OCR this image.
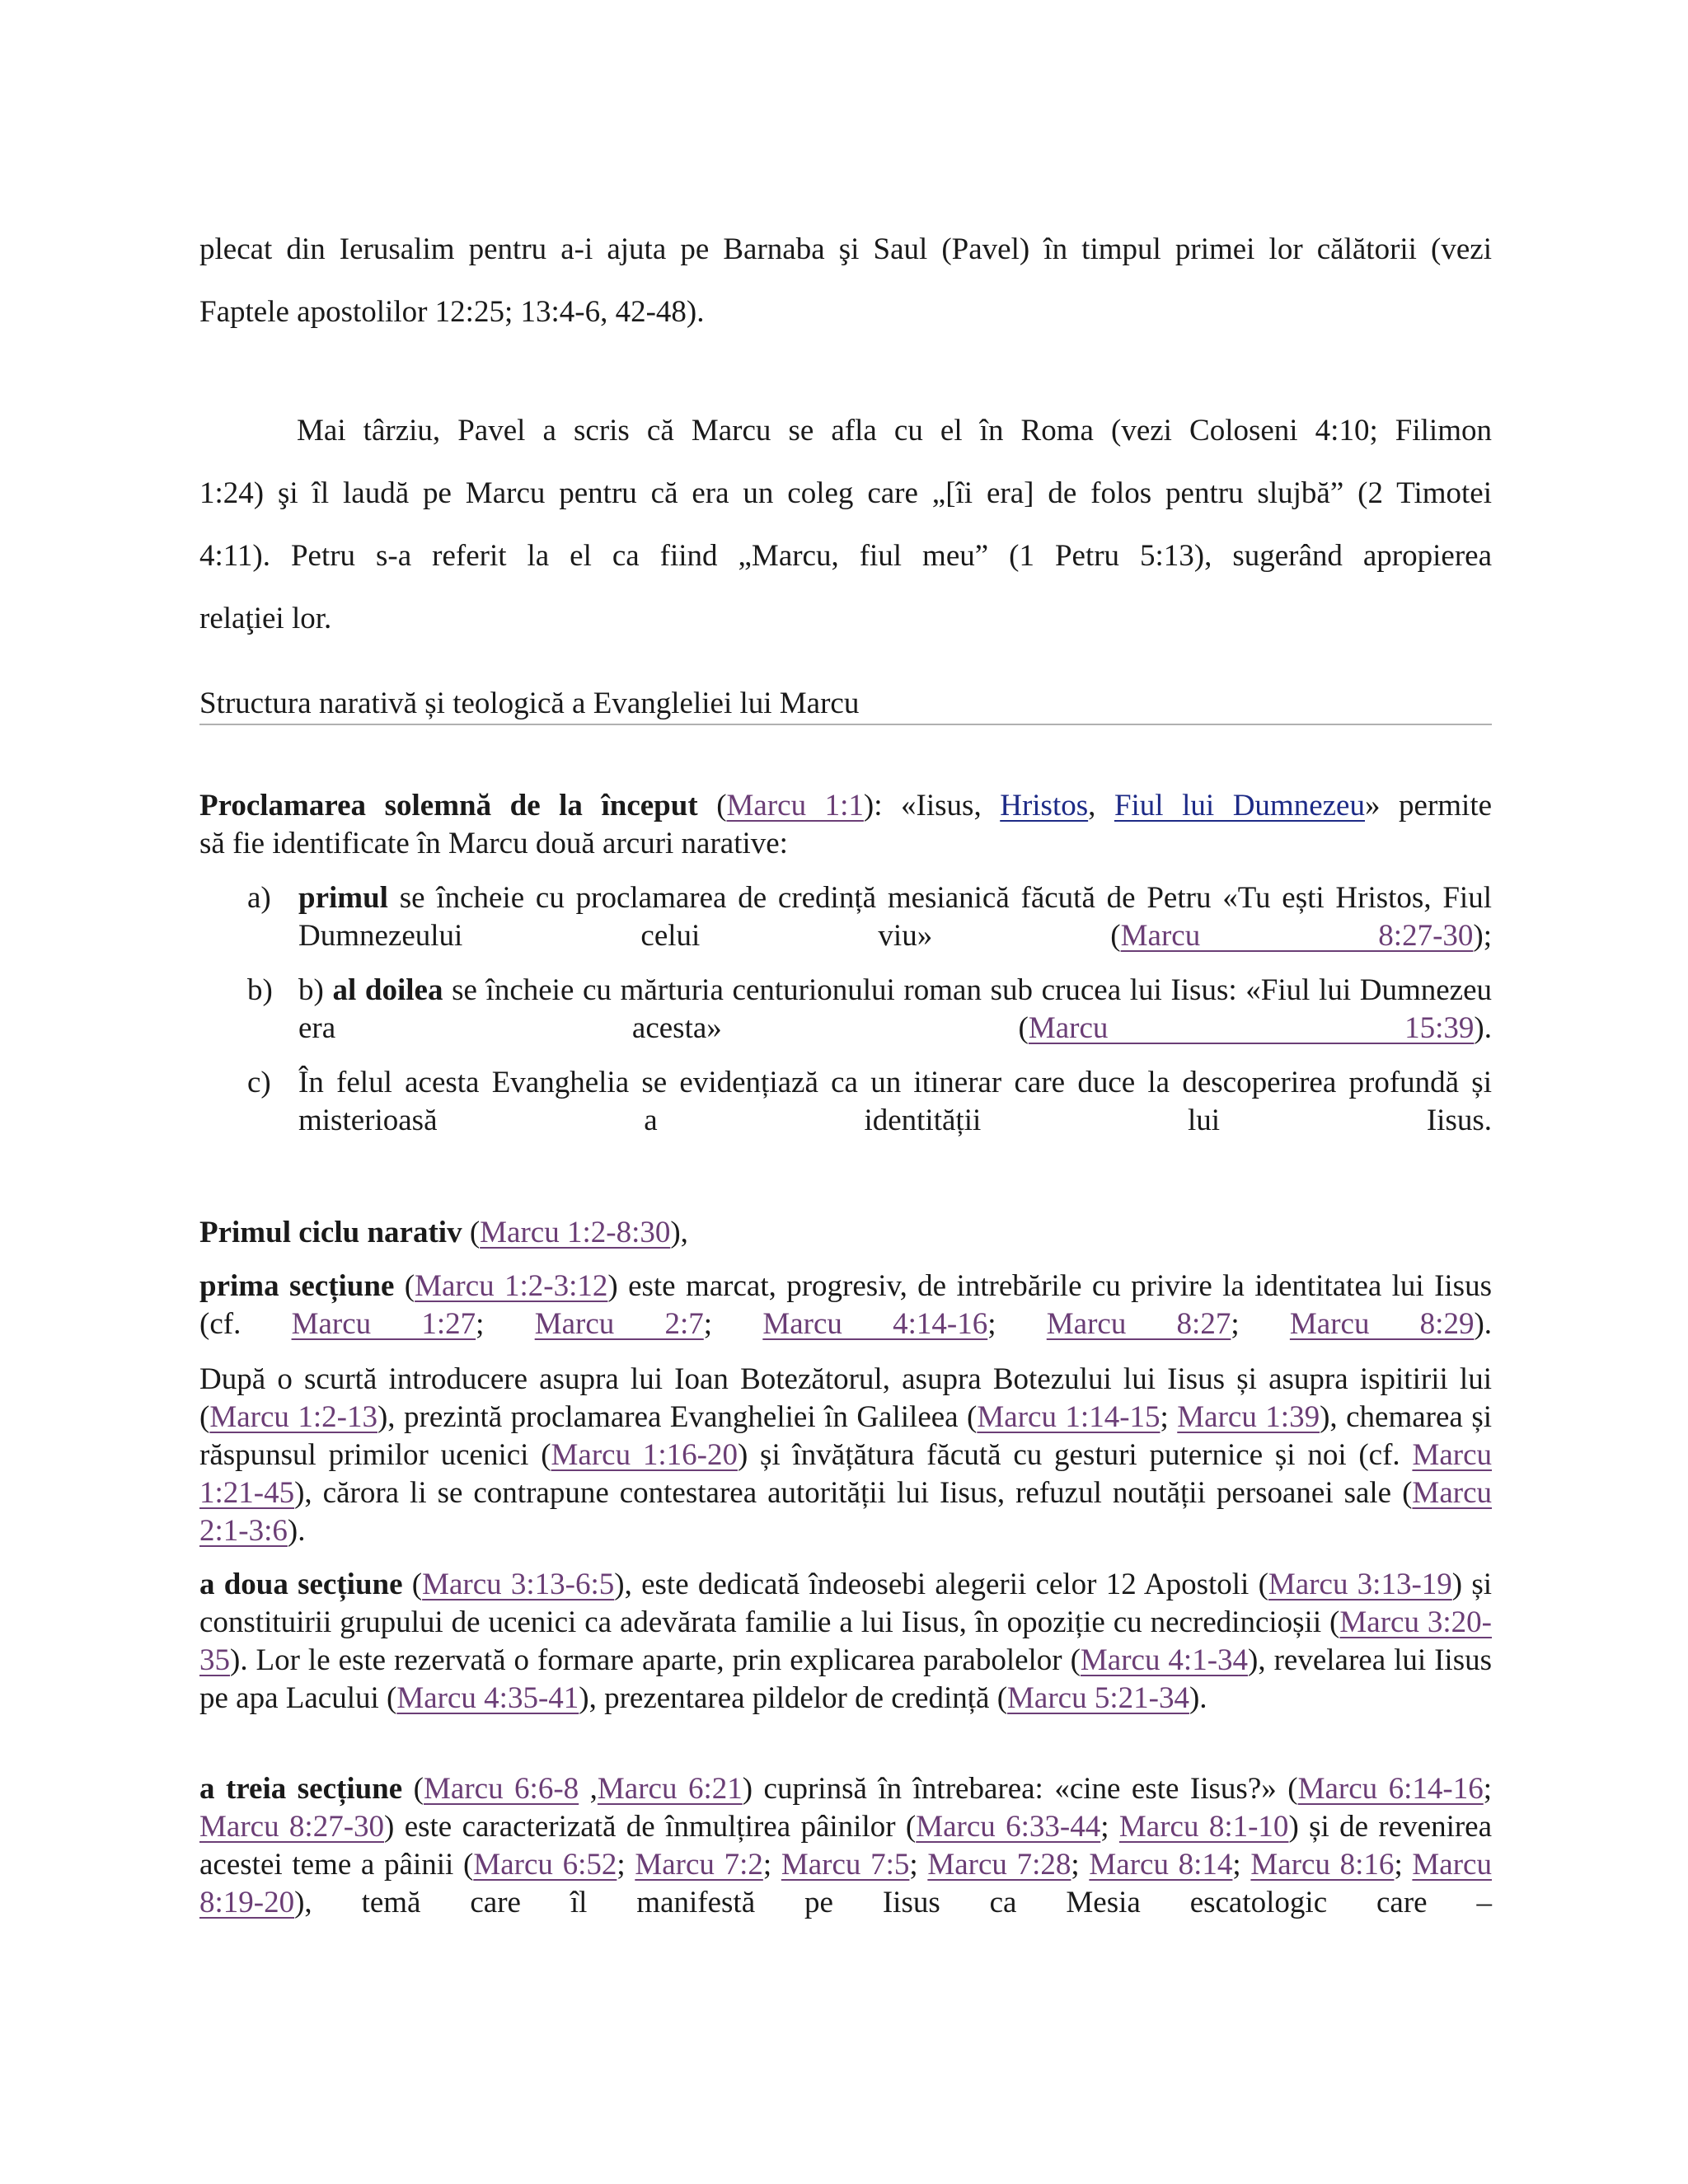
plecat din Ierusalim pentru a-i ajuta pe Barnaba şi Saul (Pavel) în timpul primei lor călătorii (vezi
Faptele apostolilor 12:25; 13:4-6, 42-48).
Mai târziu, Pavel a scris că Marcu se afla cu el în Roma (vezi Coloseni 4:10; Filimon
1:24) şi îl laudă pe Marcu pentru că era un coleg care „[îi era] de folos pentru slujbă” (2 Timotei
4:11). Petru s-a referit la el ca fiind „Marcu, fiul meu” (1 Petru 5:13), sugerând apropierea
relaţiei lor.
Structura narativă și teologică a Evangleliei lui Marcu
Proclamarea solemnă de la început (Marcu 1:1): «Iisus, Hristos, Fiul lui Dumnezeu» permite
să fie identificate în Marcu două arcuri narative:
a) primul se încheie cu proclamarea de credință mesianică făcută de Petru «Tu ești Hristos, Fiul Dumnezeului celui viu» (Marcu 8:27-30);
b) b) al doilea se încheie cu mărturia centurionului roman sub crucea lui Iisus: «Fiul lui Dumnezeu era acesta» (Marcu 15:39).
c) În felul acesta Evanghelia se evidențiază ca un itinerar care duce la descoperirea profundă și misterioasă a identității lui Iisus.
Primul ciclu narativ (Marcu 1:2-8:30),
prima secțiune (Marcu 1:2-3:12) este marcat, progresiv, de intrebările cu privire la identitatea lui Iisus (cf. Marcu 1:27; Marcu 2:7; Marcu 4:14-16; Marcu 8:27; Marcu 8:29).
După o scurtă introducere asupra lui Ioan Botezătorul, asupra Botezului lui Iisus și asupra ispitirii lui (Marcu 1:2-13), prezintă proclamarea Evangheliei în Galileea (Marcu 1:14-15; Marcu 1:39), chemarea și răspunsul primilor ucenici (Marcu 1:16-20) și învățătura făcută cu gesturi puternice și noi (cf. Marcu 1:21-45), cărora li se contrapune contestarea autorității lui Iisus, refuzul noutății persoanei sale (Marcu 2:1-3:6).
a doua secțiune (Marcu 3:13-6:5), este dedicată îndeosebi alegerii celor 12 Apostoli (Marcu 3:13-19) și constituirii grupului de ucenici ca adevărata familie a lui Iisus, în opoziție cu necredincioșii (Marcu 3:20-35). Lor le este rezervată o formare aparte, prin explicarea parabolelor (Marcu 4:1-34), revelarea lui Iisus pe apa Lacului (Marcu 4:35-41), prezentarea pildelor de credință (Marcu 5:21-34).
a treia secțiune (Marcu 6:6-8 ,Marcu 6:21) cuprinsă în întrebarea: «cine este Iisus?» (Marcu 6:14-16; Marcu 8:27-30) este caracterizată de înmulțirea pâinilor (Marcu 6:33-44; Marcu 8:1-10) și de revenirea acestei teme a pâinii (Marcu 6:52; Marcu 7:2; Marcu 7:5; Marcu 7:28; Marcu 8:14; Marcu 8:16; Marcu 8:19-20), temă care îl manifestă pe Iisus ca Mesia escatologic care –
